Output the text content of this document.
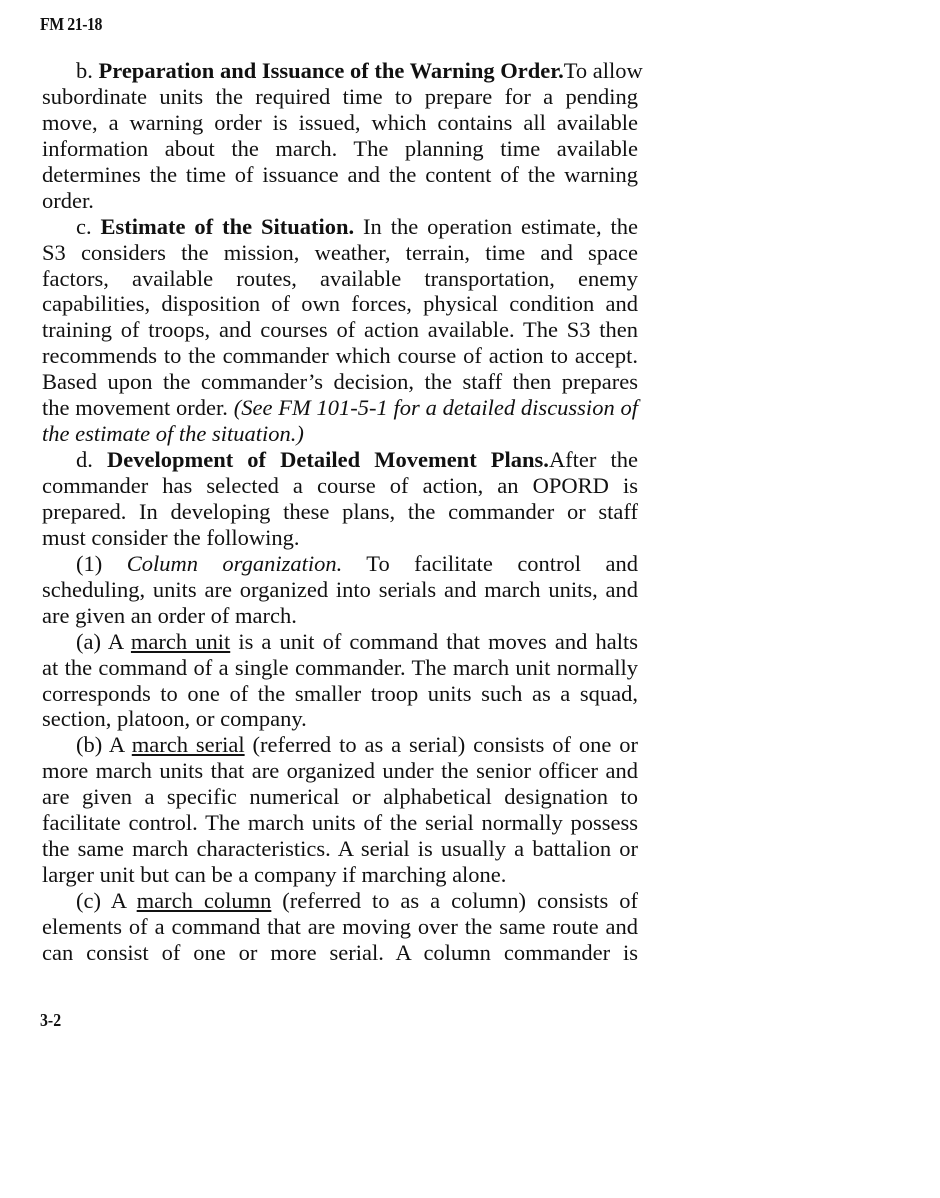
FM 21-18
b. Preparation and Issuance of the Warning Order.To allow
subordinate units the required time to prepare for a pending
move, a warning order is issued, which contains all available
information about the march. The planning time available
determines the time of issuance and the content of the warning
order.
c. Estimate of the Situation. In the operation estimate, the
S3 considers the mission, weather, terrain, time and space
factors, available routes, available transportation, enemy
capabilities, disposition of own forces, physical condition and
training of troops, and courses of action available. The S3 then
recommends to the commander which course of action to accept.
Based upon the commander’s decision, the staff then prepares
the movement order. (See FM 101-5-1 for a detailed discussion of
the estimate of the situation.)
d. Development of Detailed Movement Plans.After the
commander has selected a course of action, an OPORD is
prepared. In developing these plans, the commander or staff
must consider the following.
(1) Column organization. To facilitate control and
scheduling, units are organized into serials and march units, and
are given an order of march.
(a) A march unit is a unit of command that moves and halts
at the command of a single commander. The march unit normally
corresponds to one of the smaller troop units such as a squad,
section, platoon, or company.
(b) A march serial (referred to as a serial) consists of one or
more march units that are organized under the senior officer and
are given a specific numerical or alphabetical designation to
facilitate control. The march units of the serial normally possess
the same march characteristics. A serial is usually a battalion or
larger unit but can be a company if marching alone.
(c) A march column (referred to as a column) consists of
elements of a command that are moving over the same route and
can consist of one or more serial. A column commander is
3-2
